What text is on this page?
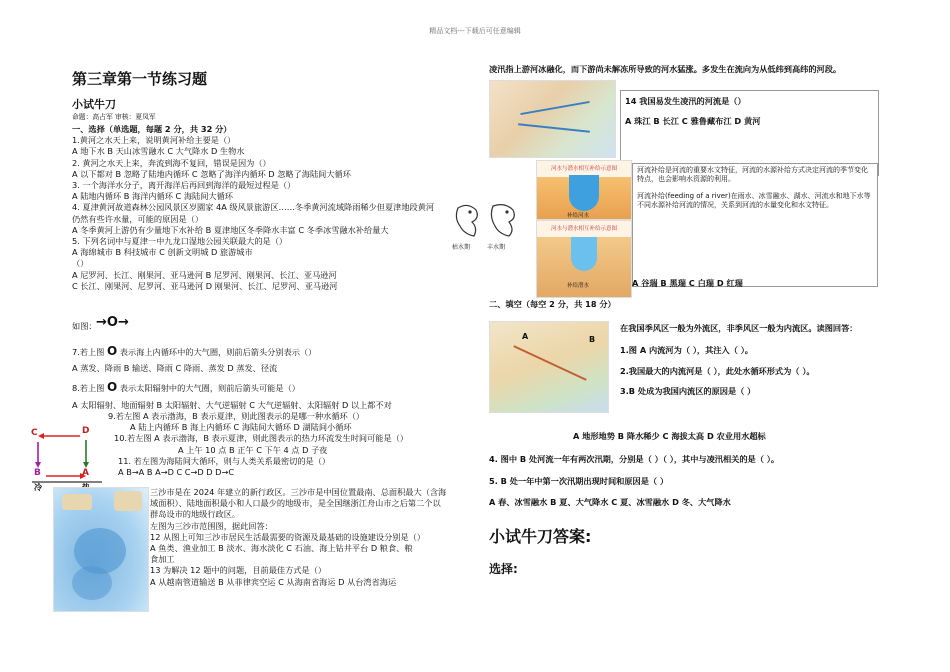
精品文档---下载后可任意编辑
第三章第一节练习题
小试牛刀
命题：高占军 审核：夏凤军
一、选择（单选题，每题 2 分，共 32 分）
1.黄河之水天上来，说明黄河补给主要是（）
A 地下水 B 天山冰雪融水 C 大气降水 D 生物水
2. 黄河之水天上来，奔流到海不复回，错误是因为（）
A 以下都对 B 忽略了陆地内循环 C 忽略了海洋内循环 D 忽略了海陆间大循环
3. 一个海洋水分子，离开海洋后再回到海洋的最短过程是（）
A 陆地内循环 B 海洋内循环 C 海陆间大循环
4. 夏津黄河故道森林公园风景区岁園家 4A 级风景旅游区……冬季黄河流域降雨稀少但夏津地段黄河
仍然有些许水量，可能的原因是（）
A 冬季黄河上游仍有少量地下水补给 B 夏津地区冬季降水丰富 C 冬季冰雪融水补给量大
5. 下列名词中与夏津一中九龙口湿地公园关联最大的是（）
A 海绵城市 B 科技城市 C 创新文明城 D 旅游城市
（）
A 尼罗河、长江、刚果河、亚马逊河 B 尼罗河、刚果河、长江、亚马逊河
C 长江、刚果河、尼罗河、亚马逊河 D 刚果河、长江、尼罗河、亚马逊河
如图： →O→
7.若上图 O 表示海上内循环中的大气圈，则前后箭头分别表示（）
A 蒸发、降雨 B 输送、降雨 C 降雨、蒸发 D 蒸发、径流
8.若上图 O 表示太阳辐射中的大气圈，则前后箭头可能是（）
A 太阳辐射、地面辐射 B 太阳辐射、大气逆辐射 C 大气逆辐射、太阳辐射 D 以上都不对
9.若左图 A 表示渤海，B 表示夏津，则此图表示的是哪一种水循环（）
A 陆上内循环 B 海上内循环 C 海陆间大循环 D 湖陆间小循环
10.若左图 A 表示渤海，B 表示夏津，则此图表示的热力环流发生时间可能是（）
A 上午 10 点 B 正午 C 下午 4 点 D 子夜
11. 若左图为海陆间大循环，则与人类关系最密切的是（）
A B→A B A→D C C→D D D→C
C	D
B	A
冷	三沙市是在 2024 年建立的新行政区。三沙市是中国位置最南、总面积最大（含海
域面积）、陆地面积最小和人口最少的地级市，是全国继浙江舟山市之后第二个以
群岛设市的地级行政区。
左图为三沙市范围图，据此回答：
12 从图上可知三沙市居民生活最需要的资源及最基础的设施建设分别是（）
A 鱼类、渔业加工 B 淡水、海水淡化 C 石油、海上钻井平台 D 粮食、粮
食加工
13 为解决 12 题中的问题，目前最佳方式是（）
A 从越南管道输送 B 从菲律宾空运 C 从海南省海运 D 从台湾省海运
凌汛指上游河冰融化，而下游尚未解冻所导致的河水猛涨。多发生在流向为从低纬到高纬的河段。
14 我国易发生凌汛的河流是（）
A 珠江 B 长江 C 雅鲁藏布江 D 黄河
枯水期	丰水期
河水与潜水相互补给示意图
补给河水
河水与潜水相互补给示意图
补给潜水
河流补给是河流的重要水文特征，河流的水源补给方式决定河流的季节变化特点，也会影响水资源的利用。
河流补给(feeding of a river)在雨水、冰雪融水、湖水、河流水和地下水等不同水源补给河流的情况，关系到河流的水量变化和水文特征。
A 谷瑞 B 黑瑞 C 白瑞 D 红瑞
二、填空（每空 2 分，共 18 分）
A	B
在我国季风区一般为外流区，非季风区一般为内流区。读图回答：
1.图 A 内流河为（ ），其注入（ ）。
2.我国最大的内流河是（ ），此处水循环形式为（ ）。
3.B 处成为我国内流区的原因是（ ）
A 地形地势 B 降水稀少 C 海拔太高 D 农业用水超标
4. 图中 B 处河流一年有两次汛期，分别是（ ）（ ），其中与凌汛相关的是（ ）。
5. B 处一年中第一次汛期出现时间和原因是（ ）
A 春、冰雪融水 B 夏、大气降水 C 夏、冰雪融水 D 冬、大气降水
小试牛刀答案:
选择:
